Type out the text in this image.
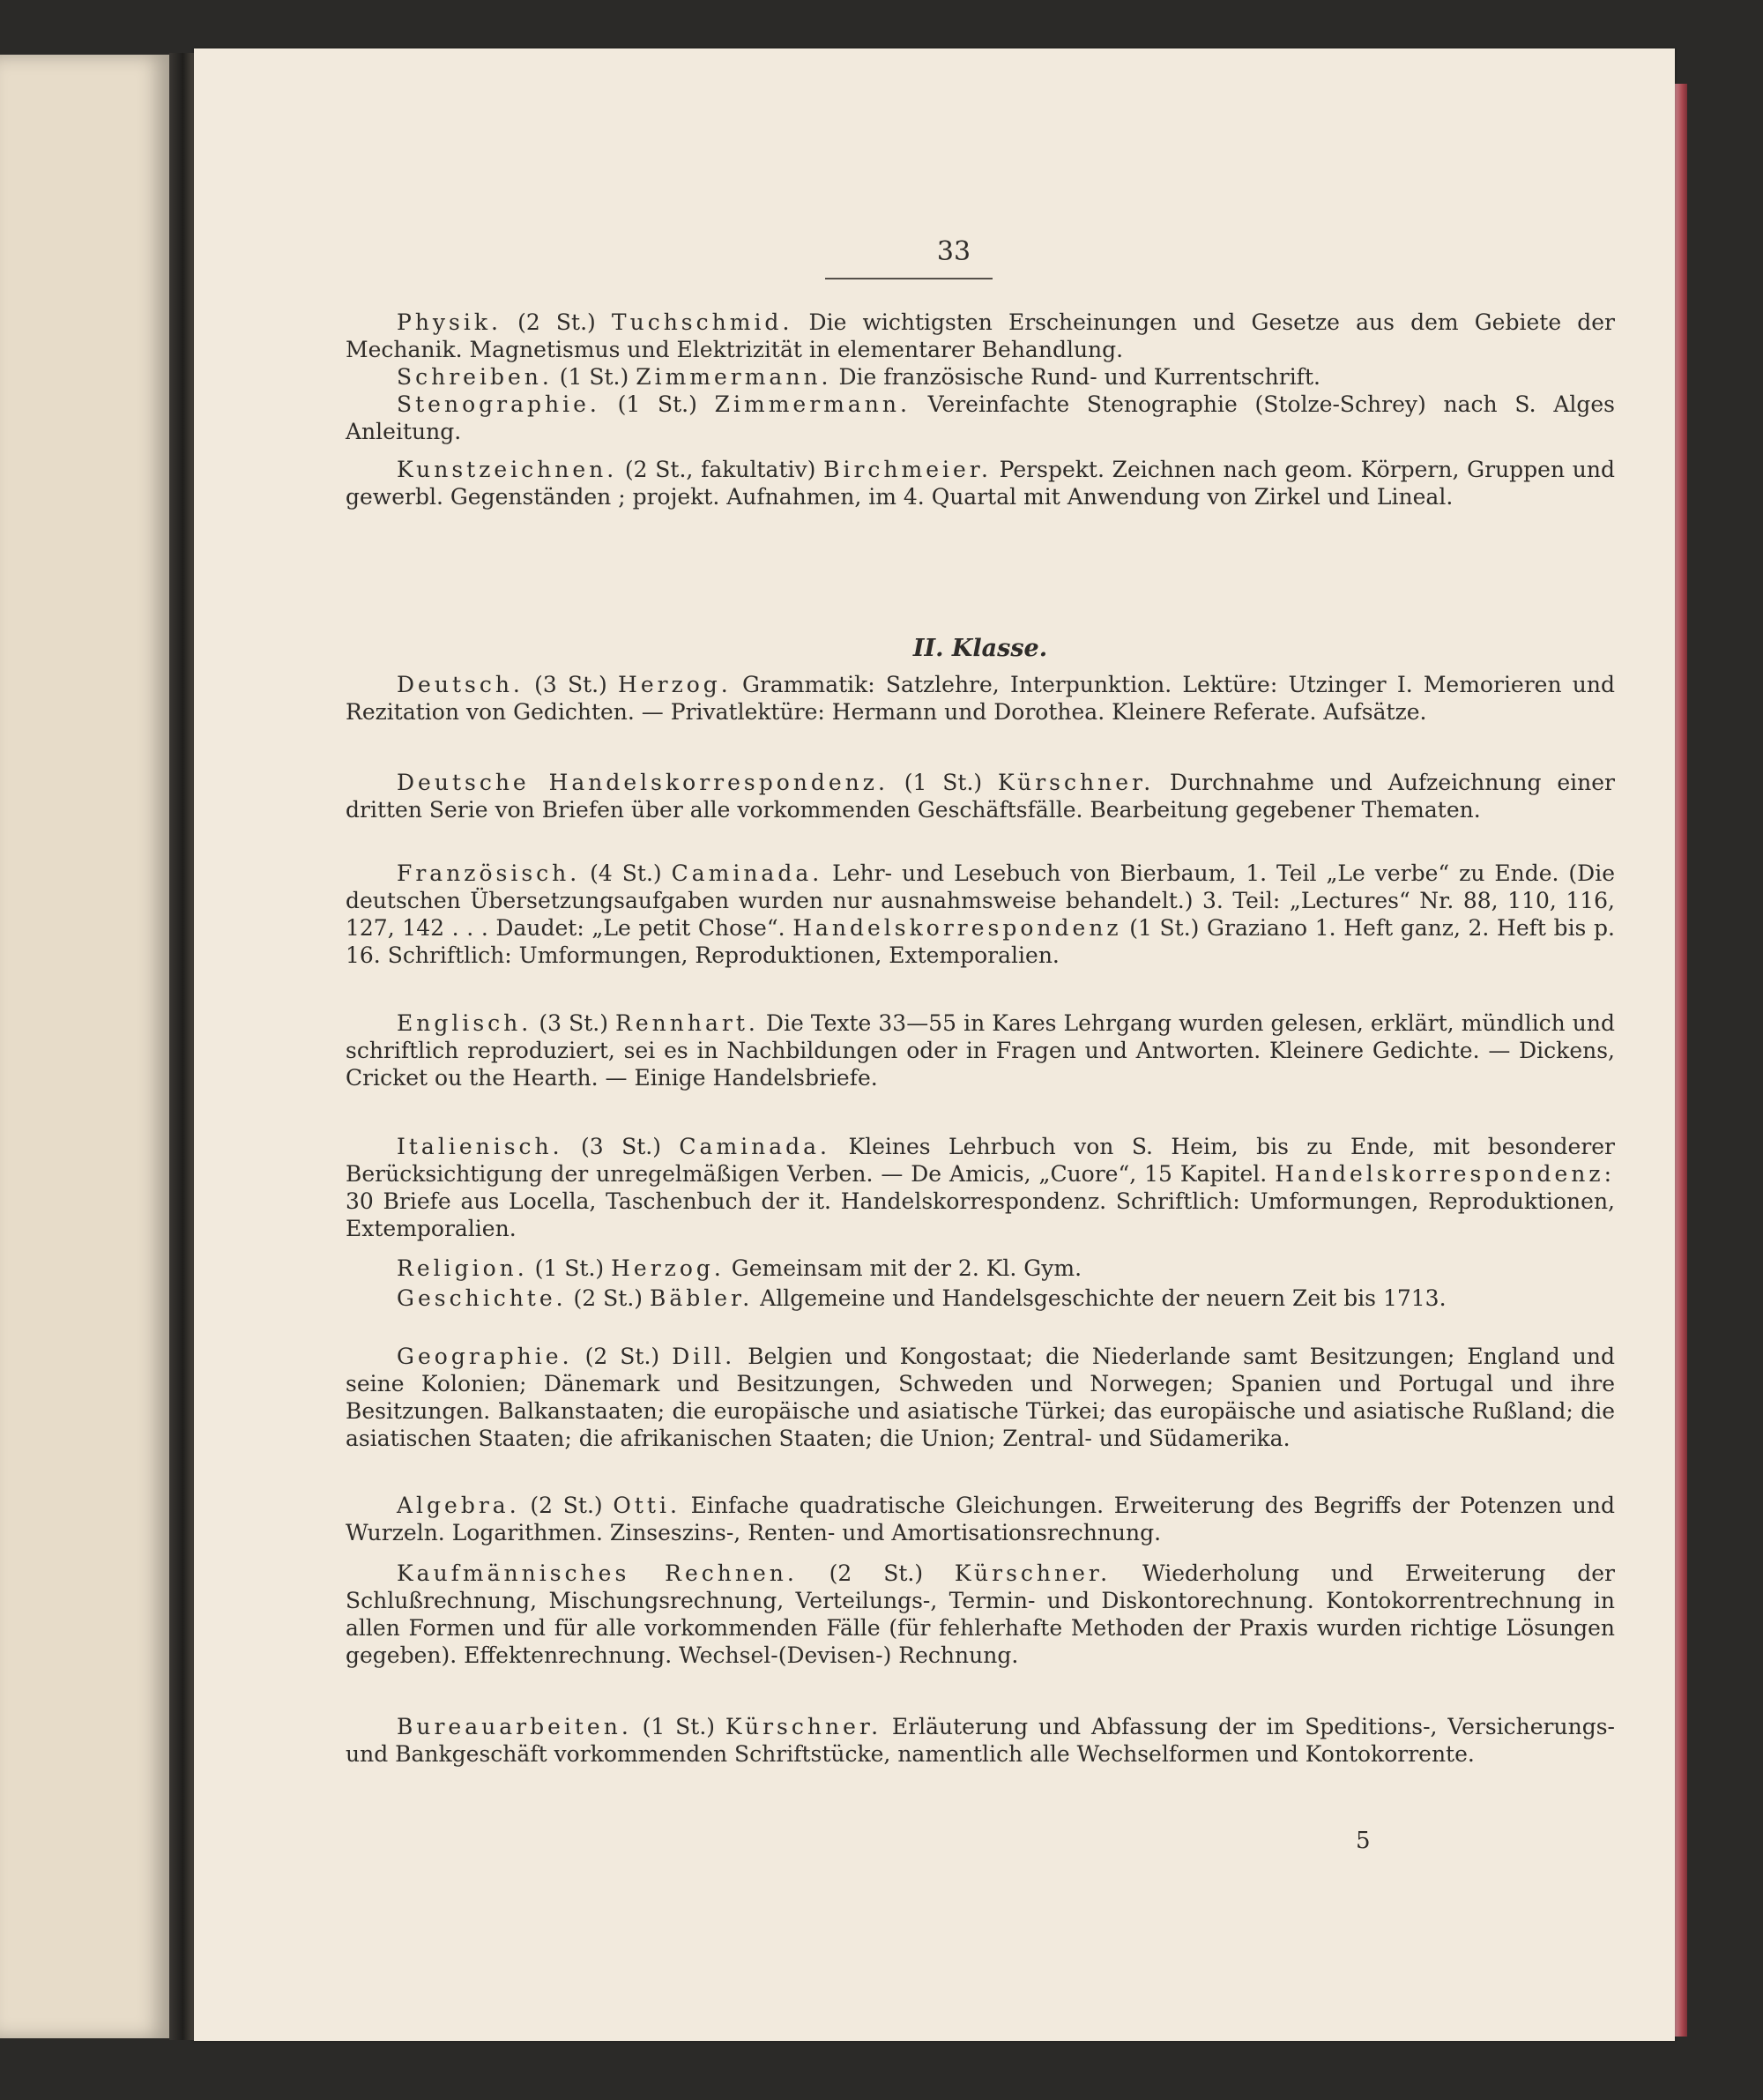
33

Physik. (2 St.) Tuchschmid. Die wichtigsten Erscheinungen und Gesetze aus dem Gebiete der Mechanik. Magnetismus und Elektrizität in elementarer Behandlung.

Schreiben. (1 St.) Zimmermann. Die französische Rund- und Kurrentschrift.

Stenographie. (1 St.) Zimmermann. Vereinfachte Stenographie (Stolze-Schrey) nach S. Alges Anleitung.

Kunstzeichnen. (2 St., fakultativ) Birchmeier. Perspekt. Zeichnen nach geom. Körpern, Gruppen und gewerbl. Gegenständen ; projekt. Aufnahmen, im 4. Quartal mit Anwendung von Zirkel und Lineal.

II. Klasse.

Deutsch. (3 St.) Herzog. Grammatik: Satzlehre, Interpunktion. Lektüre: Utzinger I. Memorieren und Rezitation von Gedichten. — Privatlektüre: Hermann und Dorothea. Kleinere Referate. Aufsätze.

Deutsche Handelskorrespondenz. (1 St.) Kürschner. Durchnahme und Aufzeichnung einer dritten Serie von Briefen über alle vorkommenden Geschäftsfälle. Bearbeitung gegebener Thematen.

Französisch. (4 St.) Caminada. Lehr- und Lesebuch von Bierbaum, 1. Teil „Le verbe“ zu Ende. (Die deutschen Übersetzungsaufgaben wurden nur ausnahmsweise behandelt.) 3. Teil: „Lectures“ Nr. 88, 110, 116, 127, 142 . . . Daudet: „Le petit Chose“. Handelskorrespondenz (1 St.) Graziano 1. Heft ganz, 2. Heft bis p. 16. Schriftlich: Umformungen, Reproduktionen, Extemporalien.

Englisch. (3 St.) Rennhart. Die Texte 33—55 in Kares Lehrgang wurden gelesen, erklärt, mündlich und schriftlich reproduziert, sei es in Nachbildungen oder in Fragen und Antworten. Kleinere Gedichte. — Dickens, Cricket ou the Hearth. — Einige Handelsbriefe.

Italienisch. (3 St.) Caminada. Kleines Lehrbuch von S. Heim, bis zu Ende, mit besonderer Berücksichtigung der unregelmäßigen Verben. — De Amicis, „Cuore“, 15 Kapitel. Handelskorrespondenz: 30 Briefe aus Locella, Taschenbuch der it. Handelskorrespondenz. Schriftlich: Umformungen, Reproduktionen, Extemporalien.

Religion. (1 St.) Herzog. Gemeinsam mit der 2. Kl. Gym.

Geschichte. (2 St.) Bäbler. Allgemeine und Handelsgeschichte der neuern Zeit bis 1713.

Geographie. (2 St.) Dill. Belgien und Kongostaat; die Niederlande samt Besitzungen; England und seine Kolonien; Dänemark und Besitzungen, Schweden und Norwegen; Spanien und Portugal und ihre Besitzungen. Balkanstaaten; die europäische und asiatische Türkei; das europäische und asiatische Rußland; die asiatischen Staaten; die afrikanischen Staaten; die Union; Zentral- und Südamerika.

Algebra. (2 St.) Otti. Einfache quadratische Gleichungen. Erweiterung des Begriffs der Potenzen und Wurzeln. Logarithmen. Zinseszins-, Renten- und Amortisationsrechnung.

Kaufmännisches Rechnen. (2 St.) Kürschner. Wiederholung und Erweiterung der Schlußrechnung, Mischungsrechnung, Verteilungs-, Termin- und Diskontorechnung. Kontokorrentrechnung in allen Formen und für alle vorkommenden Fälle (für fehlerhafte Methoden der Praxis wurden richtige Lösungen gegeben). Effektenrechnung. Wechsel-(Devisen-) Rechnung.

Bureauarbeiten. (1 St.) Kürschner. Erläuterung und Abfassung der im Speditions-, Versicherungs- und Bankgeschäft vorkommenden Schriftstücke, namentlich alle Wechselformen und Kontokorrente.

5
